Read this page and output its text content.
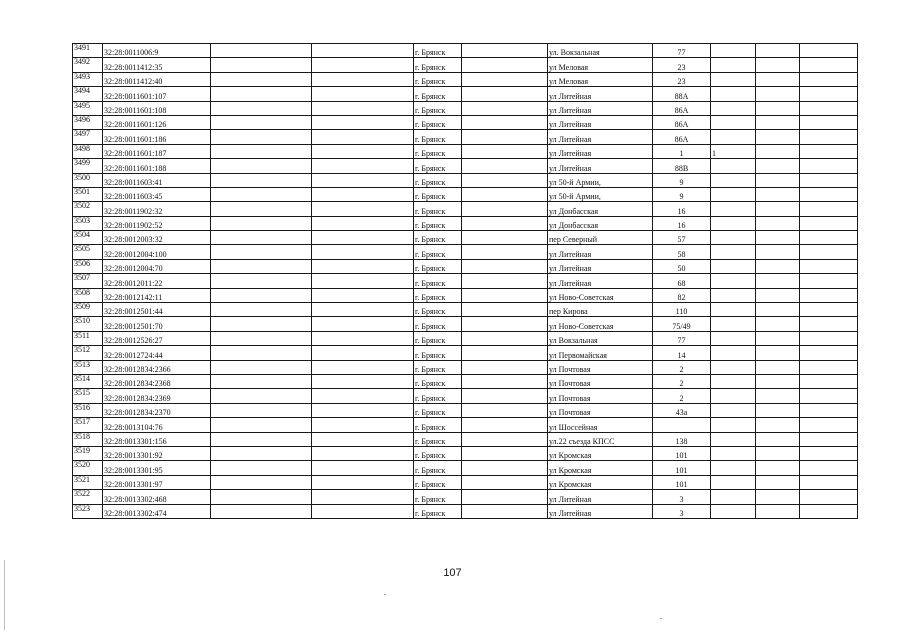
3491	32:28:0011006:9			г. Брянск		ул. Вокзальная	77			
3492	32:28:0011412:35			г. Брянск		ул Меловая	23			
3493	32:28:0011412:40			г. Брянск		ул Меловая	23			
3494	32:28:0011601:107			г. Брянск		ул Литейная	88А			
3495	32:28:0011601:108			г. Брянск		ул Литейная	86А			
3496	32:28:0011601:126			г. Брянск		ул Литейная	86А			
3497	32:28:0011601:186			г. Брянск		ул Литейная	86А			
3498	32:28:0011601:187			г. Брянск		ул Литейная	1	1		
3499	32:28:0011601:188			г. Брянск		ул Литейная	88В			
3500	32:28:0011603:41			г. Брянск		ул 50-й Армии,	9			
3501	32:28:0011603:45			г. Брянск		ул 50-й Армии,	9			
3502	32:28:0011902:32			г. Брянск		ул Донбасская	16			
3503	32:28:0011902:52			г. Брянск		ул Донбасская	16			
3504	32:28:0012003:32			г. Брянск		пер Северный	57			
3505	32:28:0012004:100			г. Брянск		ул Литейная	58			
3506	32:28:0012004:70			г. Брянск		ул Литейная	50			
3507	32:28:0012011:22			г. Брянск		ул Литейная	68			
3508	32:28:0012142:11			г. Брянск		ул Ново-Советская	82			
3509	32:28:0012501:44			г. Брянск		пер Кирова	110			
3510	32:28:0012501:70			г. Брянск		ул Ново-Советская	75/49			
3511	32:28:0012526:27			г. Брянск		ул Вокзальная	77			
3512	32:28:0012724:44			г. Брянск		ул Первомайская	14			
3513	32:28:0012834:2366			г. Брянск		ул Почтовая	2			
3514	32:28:0012834:2368			г. Брянск		ул Почтовая	2			
3515	32:28:0012834:2369			г. Брянск		ул Почтовая	2			
3516	32:28:0012834:2370			г. Брянск		ул Почтовая	43а			
3517	32:28:0013104:76			г. Брянск		ул Шоссейная				
3518	32:28:0013301:156			г. Брянск		ул.22 съезда КПСС	138			
3519	32:28:0013301:92			г. Брянск		ул Кромская	101			
3520	32:28:0013301:95			г. Брянск		ул Кромская	101			
3521	32:28:0013301:97			г. Брянск		ул Кромская	101			
3522	32:28:0013302:468			г. Брянск		ул Литейная	3			
3523	32:28:0013302:474			г. Брянск		ул Литейная	3			
107
